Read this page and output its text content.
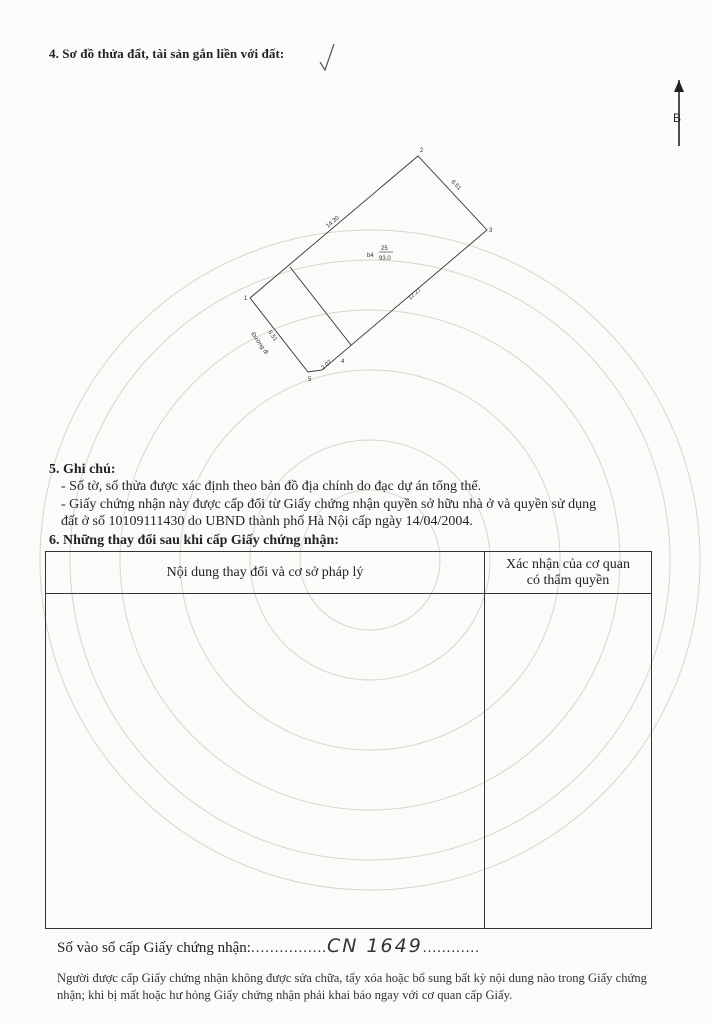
4. Sơ đồ thửa đất, tài sản gắn liền với đất:
B
1
2
3
4
5
14.30
6.51
12.27
2.07
6.51
Đường đi
b4
25
93.0
5. Ghi chú:
- Số tờ, số thửa được xác định theo bản đồ địa chính do đạc dự án tổng thể.
- Giấy chứng nhận này được cấp đổi từ Giấy chứng nhận quyền sở hữu nhà ở và quyền sử dụng
đất ở số 10109111430 do UBND thành phố Hà Nội cấp ngày 14/04/2004.
6. Những thay đổi sau khi cấp Giấy chứng nhận:
Nội dung thay đổi và cơ sở pháp lý	Xác nhận của cơ quan
có thẩm quyền

Số vào sổ cấp Giấy chứng nhận:................CN 1649............
Người được cấp Giấy chứng nhận không được sửa chữa, tẩy xóa hoặc bổ sung bất kỳ nội dung nào trong Giấy chứng nhận; khi bị mất hoặc hư hỏng Giấy chứng nhận phải khai báo ngay với cơ quan cấp Giấy.
